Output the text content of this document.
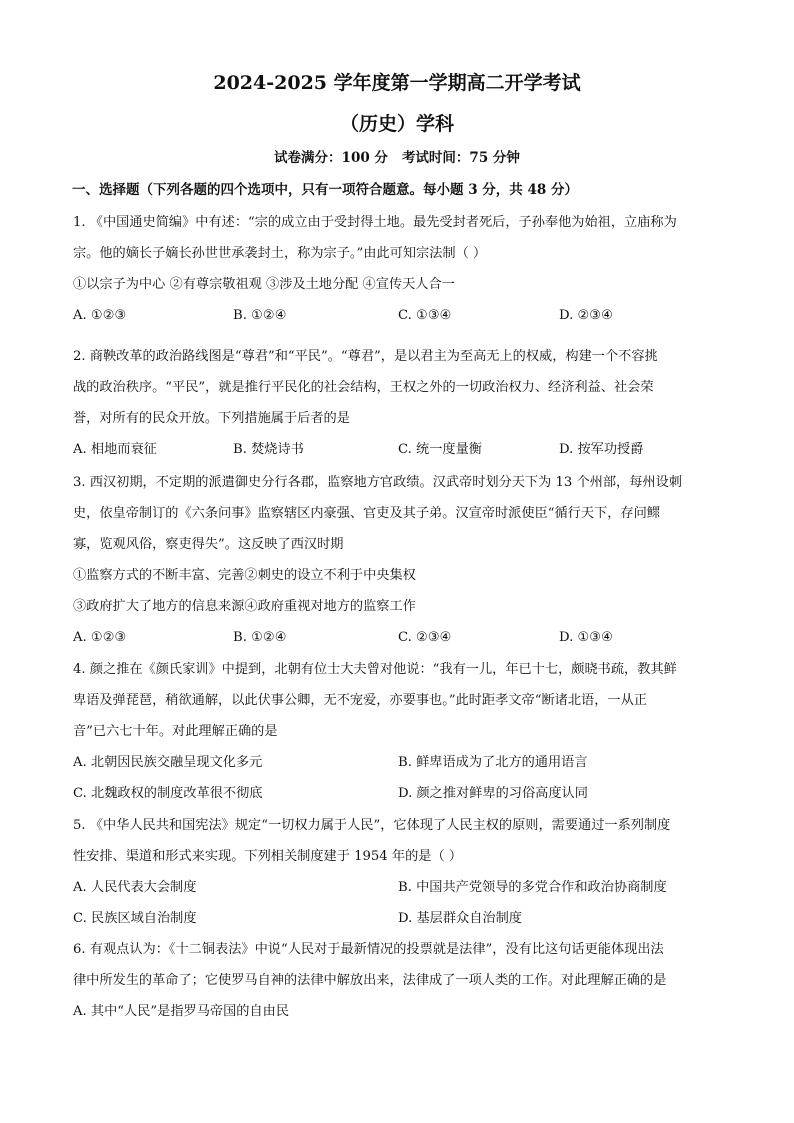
2024-2025 学年度第一学期高二开学考试
（历史）学科
试卷满分：100 分 考试时间：75 分钟
一、选择题（下列各题的四个选项中，只有一项符合题意。每小题 3 分，共 48 分）
1. 《中国通史简编》中有述：“宗的成立由于受封得土地。最先受封者死后，子孙奉他为始祖，立庙称为
宗。他的嫡长子嫡长孙世世承袭封土，称为宗子。”由此可知宗法制（ ）
①以宗子为中心 ②有尊宗敬祖观 ③涉及土地分配 ④宣传天人合一
A. ①②③	B. ①②④	C. ①③④	D. ②③④
2. 商鞅改革的政治路线图是“尊君”和“平民”。“尊君”，是以君主为至高无上的权威，构建一个不容挑
战的政治秩序。“平民”，就是推行平民化的社会结构，王权之外的一切政治权力、经济利益、社会荣
誉，对所有的民众开放。下列措施属于后者的是
A. 相地而衰征	B. 焚烧诗书	C. 统一度量衡	D. 按军功授爵
3. 西汉初期，不定期的派遣御史分行各郡，监察地方官政绩。汉武帝时划分天下为 13 个州部，每州设刺
史，依皇帝制订的《六条问事》监察辖区内豪强、官吏及其子弟。汉宣帝时派使臣“循行天下，存问鳏
寡，览观风俗，察吏得失”。这反映了西汉时期
①监察方式的不断丰富、完善②刺史的设立不利于中央集权
③政府扩大了地方的信息来源④政府重视对地方的监察工作
A. ①②③	B. ①②④	C. ②③④	D. ①③④
4. 颜之推在《颜氏家训》中提到，北朝有位士大夫曾对他说：“我有一儿，年已十七，颇晓书疏，教其鲜
卑语及弹琵琶，稍欲通解，以此伏事公卿，无不宠爱，亦要事也。”此时距孝文帝“断诸北语，一从正
音”已六七十年。对此理解正确的是
A. 北朝因民族交融呈现文化多元	B. 鲜卑语成为了北方的通用语言
C. 北魏政权的制度改革很不彻底	D. 颜之推对鲜卑的习俗高度认同
5. 《中华人民共和国宪法》规定“一切权力属于人民”，它体现了人民主权的原则，需要通过一系列制度
性安排、渠道和形式来实现。下列相关制度建于 1954 年的是（ ）
A. 人民代表大会制度	B. 中国共产党领导的多党合作和政治协商制度
C. 民族区域自治制度	D. 基层群众自治制度
6. 有观点认为：《十二铜表法》中说“人民对于最新情况的投票就是法律”，没有比这句话更能体现出法
律中所发生的革命了；它使罗马自神的法律中解放出来，法律成了一项人类的工作。对此理解正确的是
A. 其中“人民”是指罗马帝国的自由民
